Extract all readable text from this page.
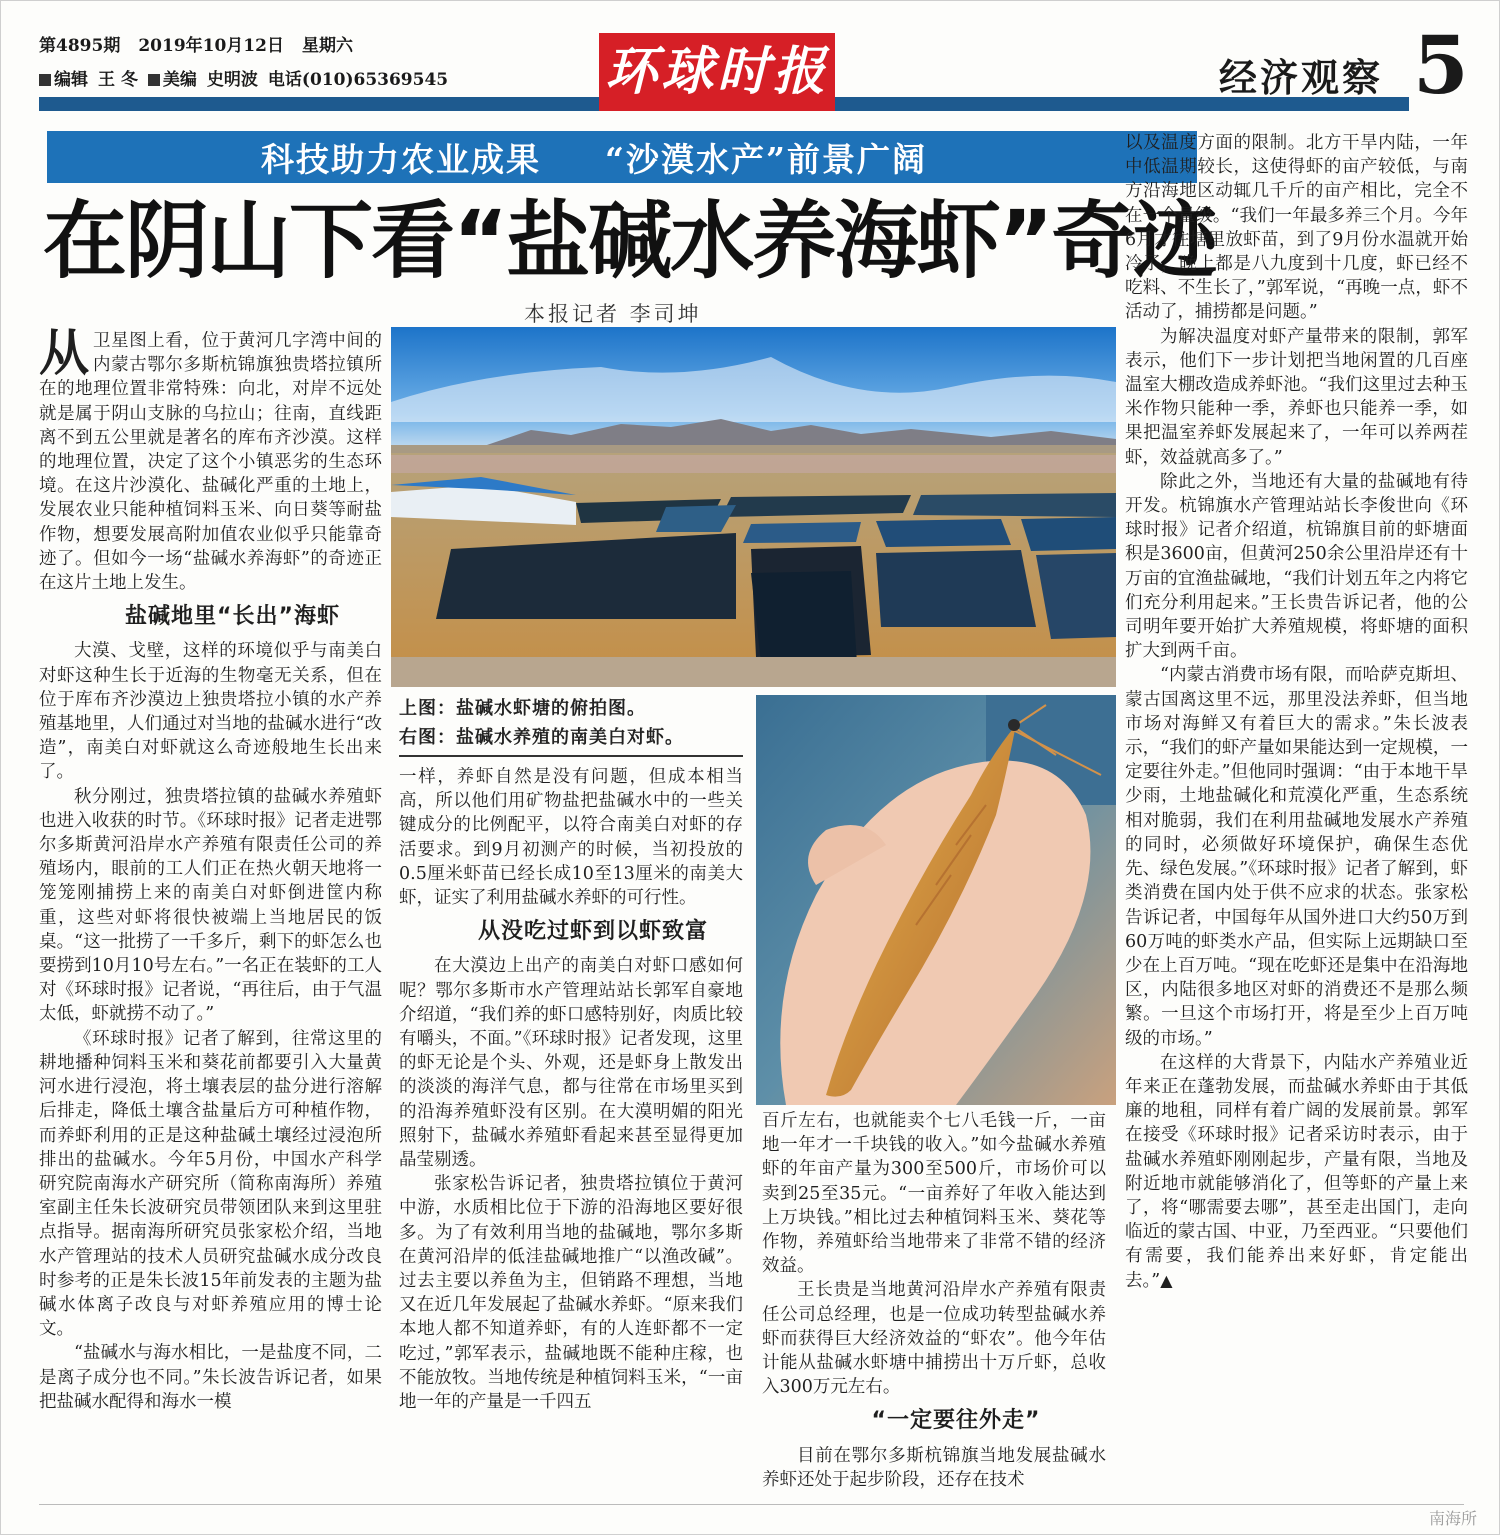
第4895期 2019年10月12日 星期六
编辑 王 冬	美编 史明波 电话(010)65369545	环球时报	经济观察 5
科技助力农业成果 “沙漠水产”前景广阔
在阴山下看“盐碱水养海虾”奇迹
本报记者 李司坤

从卫星图上看，位于黄河几字湾中间的内蒙古鄂尔多斯杭锦旗独贵塔拉镇所在的地理位置非常特殊：向北，对岸不远处就是属于阴山支脉的乌拉山；往南，直线距离不到五公里就是著名的库布齐沙漠。这样的地理位置，决定了这个小镇恶劣的生态环境。在这片沙漠化、盐碱化严重的土地上，发展农业只能种植饲料玉米、向日葵等耐盐作物，想要发展高附加值农业似乎只能靠奇迹了。但如今一场“盐碱水养海虾”的奇迹正在这片土地上发生。

盐碱地里“长出”海虾

大漠、戈壁，这样的环境似乎与南美白对虾这种生长于近海的生物毫无关系，但在位于库布齐沙漠边上独贵塔拉小镇的水产养殖基地里，人们通过对当地的盐碱水进行“改造”，南美白对虾就这么奇迹般地生长出来了。

秋分刚过，独贵塔拉镇的盐碱水养殖虾也进入收获的时节。《环球时报》记者走进鄂尔多斯黄河沿岸水产养殖有限责任公司的养殖场内，眼前的工人们正在热火朝天地将一笼笼刚捕捞上来的南美白对虾倒进筐内称重，这些对虾将很快被端上当地居民的饭桌。“这一批捞了一千多斤，剩下的虾怎么也要捞到10月10号左右。”一名正在装虾的工人对《环球时报》记者说，“再往后，由于气温太低，虾就捞不动了。”

《环球时报》记者了解到，往常这里的耕地播种饲料玉米和葵花前都要引入大量黄河水进行浸泡，将土壤表层的盐分进行溶解后排走，降低土壤含盐量后方可种植作物，而养虾利用的正是这种盐碱土壤经过浸泡所排出的盐碱水。今年5月份，中国水产科学研究院南海水产研究所（简称南海所）养殖室副主任朱长波研究员带领团队来到这里驻点指导。据南海所研究员张家松介绍，当地水产管理站的技术人员研究盐碱水成分改良时参考的正是朱长波15年前发表的主题为盐碱水体离子改良与对虾养殖应用的博士论文。

“盐碱水与海水相比，一是盐度不同，二是离子成分也不同。”朱长波告诉记者，如果把盐碱水配得和海水一模

上图：盐碱水虾塘的俯拍图。
右图：盐碱水养殖的南美白对虾。

一样，养虾自然是没有问题，但成本相当高，所以他们用矿物盐把盐碱水中的一些关键成分的比例配平，以符合南美白对虾的存活要求。到9月初测产的时候，当初投放的0.5厘米虾苗已经长成10至13厘米的南美大虾，证实了利用盐碱水养虾的可行性。

从没吃过虾到以虾致富

在大漠边上出产的南美白对虾口感如何呢？鄂尔多斯市水产管理站站长郭军自豪地介绍道，“我们养的虾口感特别好，肉质比较有嚼头，不面。”《环球时报》记者发现，这里的虾无论是个头、外观，还是虾身上散发出的淡淡的海洋气息，都与往常在市场里买到的沿海养殖虾没有区别。在大漠明媚的阳光照射下，盐碱水养殖虾看起来甚至显得更加晶莹剔透。

张家松告诉记者，独贵塔拉镇位于黄河中游，水质相比位于下游的沿海地区要好很多。为了有效利用当地的盐碱地，鄂尔多斯在黄河沿岸的低洼盐碱地推广“以渔改碱”。过去主要以养鱼为主，但销路不理想，当地又在近几年发展起了盐碱水养虾。“原来我们本地人都不知道养虾，有的人连虾都不一定吃过，”郭军表示，盐碱地既不能种庄稼，也不能放牧。当地传统是种植饲料玉米，“一亩地一年的产量是一千四五

百斤左右，也就能卖个七八毛钱一斤，一亩地一年才一千块钱的收入。”如今盐碱水养殖虾的年亩产量为300至500斤，市场价可以卖到25至35元。“一亩养好了年收入能达到上万块钱。”相比过去种植饲料玉米、葵花等作物，养殖虾给当地带来了非常不错的经济效益。

王长贵是当地黄河沿岸水产养殖有限责任公司总经理，也是一位成功转型盐碱水养虾而获得巨大经济效益的“虾农”。他今年估计能从盐碱水虾塘中捕捞出十万斤虾，总收入300万元左右。

“一定要往外走”

目前在鄂尔多斯杭锦旗当地发展盐碱水养虾还处于起步阶段，还存在技术

以及温度方面的限制。北方干旱内陆，一年中低温期较长，这使得虾的亩产较低，与南方沿海地区动辄几千斤的亩产相比，完全不在一个量级。“我们一年最多养三个月。今年6月才往塘里放虾苗，到了9月份水温就开始冷了，晚上都是八九度到十几度，虾已经不吃料、不生长了，”郭军说，“再晚一点，虾不活动了，捕捞都是问题。”

为解决温度对虾产量带来的限制，郭军表示，他们下一步计划把当地闲置的几百座温室大棚改造成养虾池。“我们这里过去种玉米作物只能种一季，养虾也只能养一季，如果把温室养虾发展起来了，一年可以养两茬虾，效益就高多了。”

除此之外，当地还有大量的盐碱地有待开发。杭锦旗水产管理站站长李俊世向《环球时报》记者介绍道，杭锦旗目前的虾塘面积是3600亩，但黄河250余公里沿岸还有十万亩的宜渔盐碱地，“我们计划五年之内将它们充分利用起来。”王长贵告诉记者，他的公司明年要开始扩大养殖规模，将虾塘的面积扩大到两千亩。

“内蒙古消费市场有限，而哈萨克斯坦、蒙古国离这里不远，那里没法养虾，但当地市场对海鲜又有着巨大的需求。”朱长波表示，“我们的虾产量如果能达到一定规模，一定要往外走。”但他同时强调：“由于本地干旱少雨，土地盐碱化和荒漠化严重，生态系统相对脆弱，我们在利用盐碱地发展水产养殖的同时，必须做好环境保护，确保生态优先、绿色发展。”《环球时报》记者了解到，虾类消费在国内处于供不应求的状态。张家松告诉记者，中国每年从国外进口大约50万到60万吨的虾类水产品，但实际上远期缺口至少在上百万吨。“现在吃虾还是集中在沿海地区，内陆很多地区对虾的消费还不是那么频繁。一旦这个市场打开，将是至少上百万吨级的市场。”

在这样的大背景下，内陆水产养殖业近年来正在蓬勃发展，而盐碱水养虾由于其低廉的地租，同样有着广阔的发展前景。郭军在接受《环球时报》记者采访时表示，由于盐碱水养殖虾刚刚起步，产量有限，当地及附近地市就能够消化了，但等虾的产量上来了，将“哪需要去哪”，甚至走出国门，走向临近的蒙古国、中亚，乃至西亚。“只要他们有需要，我们能养出来好虾，肯定能出去。”▲

南海所
